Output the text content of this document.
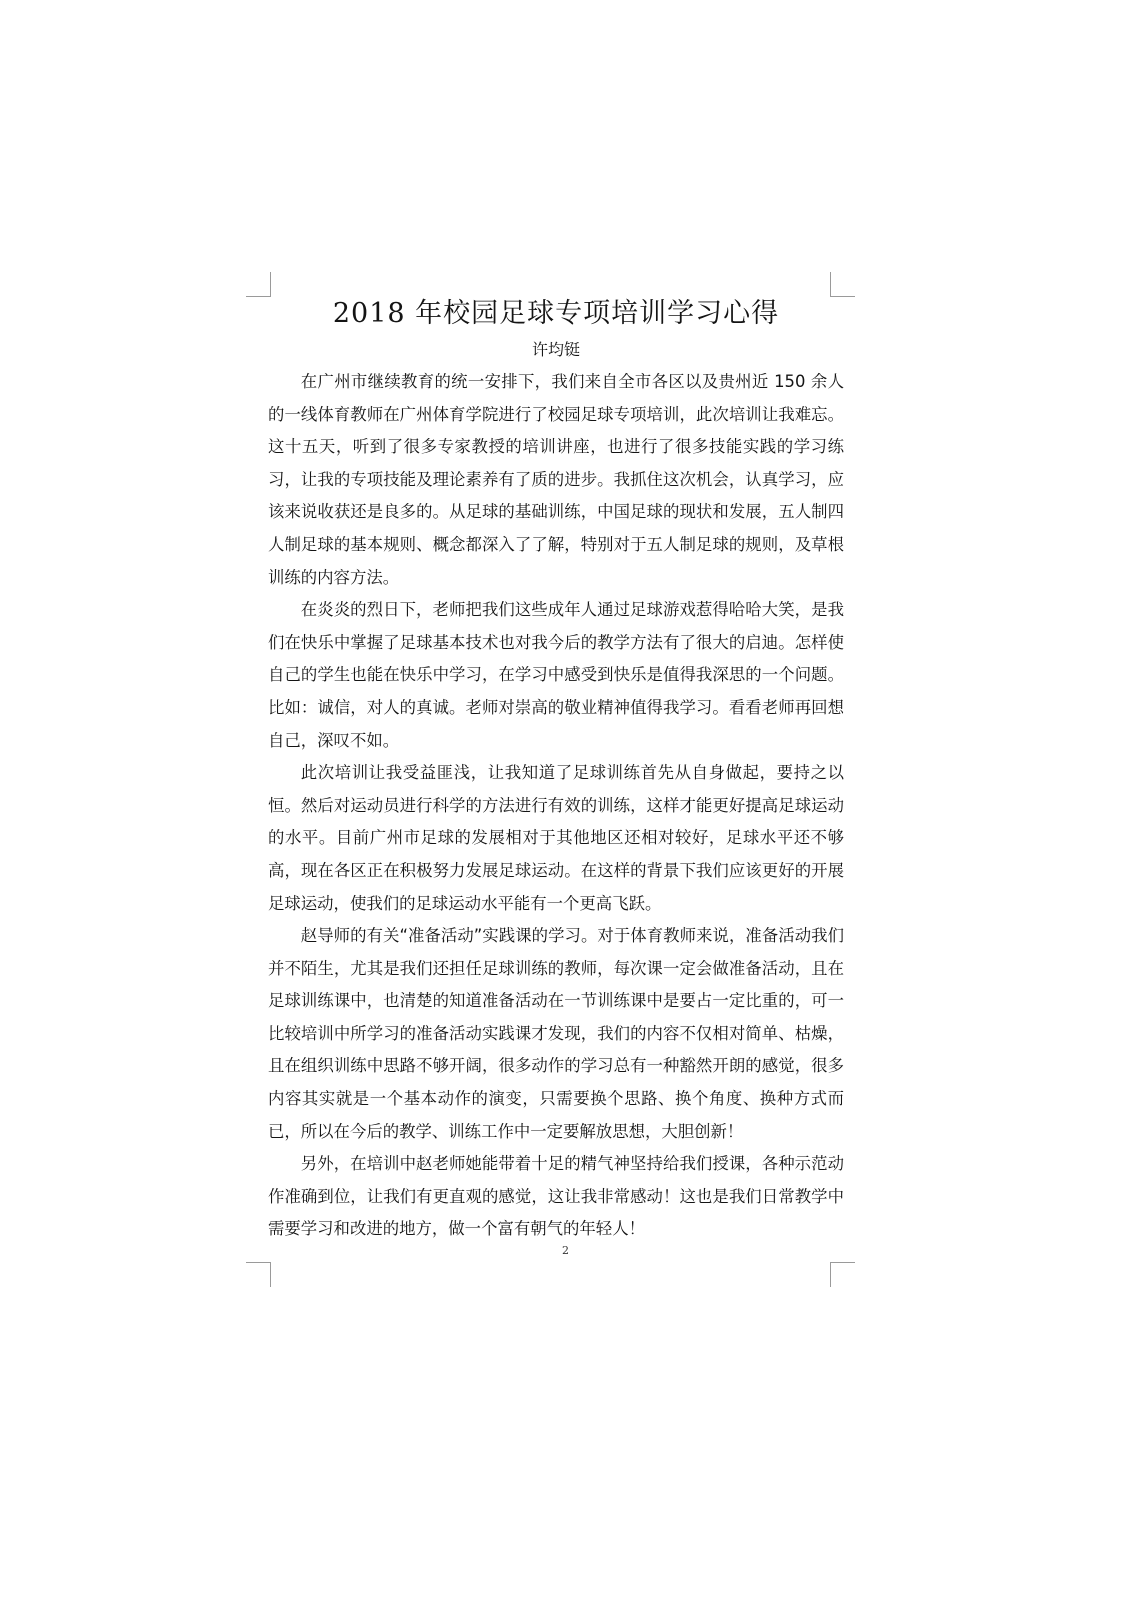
2018 年校园足球专项培训学习心得

许均铤

在广州市继续教育的统一安排下，我们来自全市各区以及贵州近 150 余人的一线体育教师在广州体育学院进行了校园足球专项培训，此次培训让我难忘。这十五天，听到了很多专家教授的培训讲座，也进行了很多技能实践的学习练习，让我的专项技能及理论素养有了质的进步。我抓住这次机会，认真学习，应该来说收获还是良多的。从足球的基础训练，中国足球的现状和发展，五人制四人制足球的基本规则、概念都深入了了解，特别对于五人制足球的规则，及草根训练的内容方法。

在炎炎的烈日下，老师把我们这些成年人通过足球游戏惹得哈哈大笑，是我们在快乐中掌握了足球基本技术也对我今后的教学方法有了很大的启迪。怎样使自己的学生也能在快乐中学习，在学习中感受到快乐是值得我深思的一个问题。比如：诚信，对人的真诚。老师对崇高的敬业精神值得我学习。看看老师再回想自己，深叹不如。

此次培训让我受益匪浅，让我知道了足球训练首先从自身做起，要持之以恒。然后对运动员进行科学的方法进行有效的训练，这样才能更好提高足球运动的水平。目前广州市足球的发展相对于其他地区还相对较好，足球水平还不够高，现在各区正在积极努力发展足球运动。在这样的背景下我们应该更好的开展足球运动，使我们的足球运动水平能有一个更高飞跃。

赵导师的有关“准备活动”实践课的学习。对于体育教师来说，准备活动我们并不陌生，尤其是我们还担任足球训练的教师，每次课一定会做准备活动，且在足球训练课中，也清楚的知道准备活动在一节训练课中是要占一定比重的，可一比较培训中所学习的准备活动实践课才发现，我们的内容不仅相对简单、枯燥，且在组织训练中思路不够开阔，很多动作的学习总有一种豁然开朗的感觉，很多内容其实就是一个基本动作的演变，只需要换个思路、换个角度、换种方式而已，所以在今后的教学、训练工作中一定要解放思想，大胆创新！

另外，在培训中赵老师她能带着十足的精气神坚持给我们授课，各种示范动作准确到位，让我们有更直观的感觉，这让我非常感动！这也是我们日常教学中需要学习和改进的地方，做一个富有朝气的年轻人！

2
